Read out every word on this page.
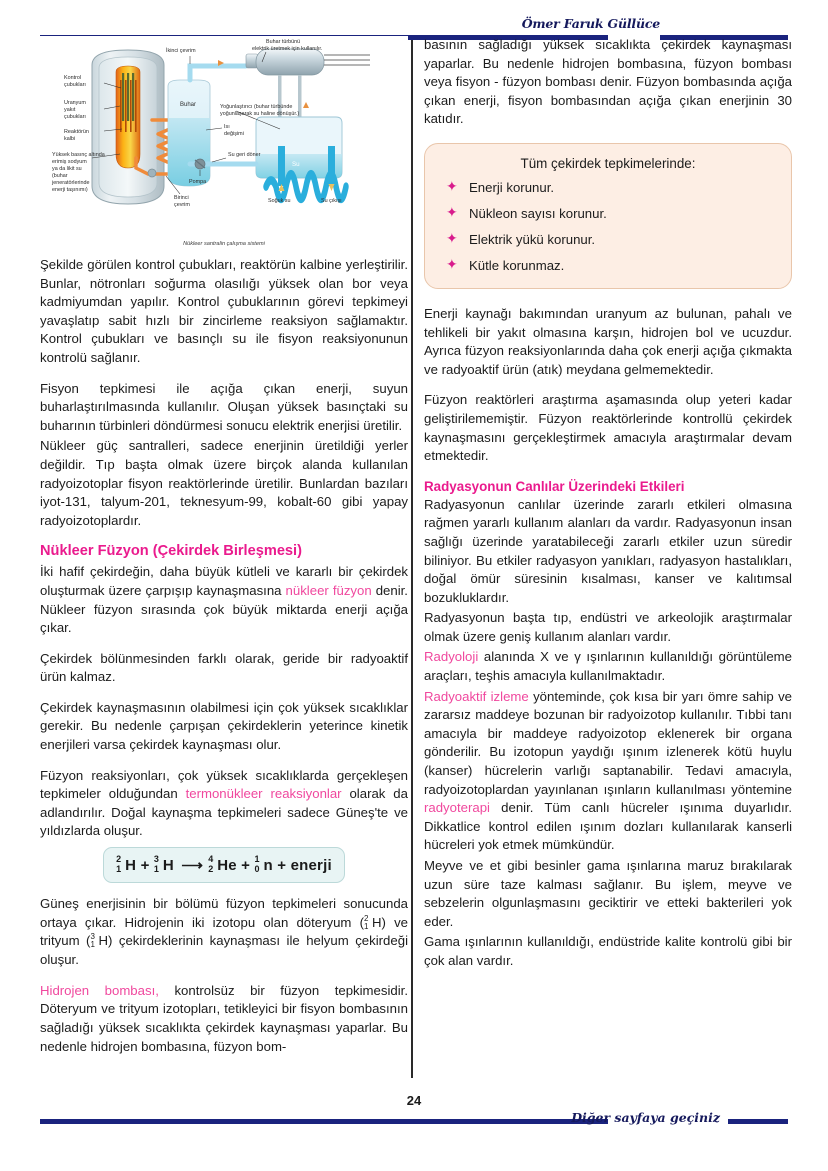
Ömer Faruk Güllüce
Buhar
Su
Kontrol
çubukları
Uranyum
yakıt
çubukları
Reaktörün
kalbi
Yüksek basınç altında
erimiş sodyum
ya da likit su
(buhar
jeneratörlerinde
enerji taşınımı)
İkinci çevrim
Buhar türbünü
elektrik üretmek için kullanılır.
Yoğunlaştırıcı (buhar türbünde
yoğunlaşarak su haline dönüşür.)
Isı
değişimi
Su geri döner
Pompa
Birinci
çevrim
Soğuk su	Su çıkışı
Nükleer santralin çalışma sistemi

Şekilde görülen kontrol çubukları, reaktörün kalbine yerleştirilir. Bunlar, nötronları soğurma olasılığı yüksek olan bor veya kadmiyumdan yapılır. Kontrol çubuklarının görevi tepkimeyi yavaşlatıp sabit hızlı bir zincirleme reaksiyon sağlamaktır. Kontrol çubukları ve basınçlı su ile fisyon reaksiyonunun kontrolü sağlanır.

Fisyon tepkimesi ile açığa çıkan enerji, suyun buharlaştırılmasında kullanılır. Oluşan yüksek basınçtaki su buharının türbinleri döndürmesi sonucu elektrik enerjisi üretilir.

Nükleer güç santralleri, sadece enerjinin üretildiği yerler değildir. Tıp başta olmak üzere birçok alanda kullanılan radyoizotoplar fisyon reaktörlerinde üretilir. Bunlardan bazıları iyot-131, talyum-201, teknesyum-99, kobalt-60 gibi yapay radyoizotoplardır.

Nükleer Füzyon (Çekirdek Birleşmesi)

İki hafif çekirdeğin, daha büyük kütleli ve kararlı bir çekirdek oluşturmak üzere çarpışıp kaynaşmasına nükleer füzyon denir. Nükleer füzyon sırasında çok büyük miktarda enerji açığa çıkar.

Çekirdek bölünmesinden farklı olarak, geride bir radyoaktif ürün kalmaz.

Çekirdek kaynaşmasının olabilmesi için çok yüksek sıcaklıklar gerekir. Bu nedenle çarpışan çekirdeklerin yeterince kinetik enerjileri varsa çekirdek kaynaşması olur.

Füzyon reaksiyonları, çok yüksek sıcaklıklarda gerçekleşen tepkimeler olduğundan termonükleer reaksiyonlar olarak da adlandırılır. Doğal kaynaşma tepkimeleri sadece Güneş'te ve yıldızlarda oluşur.

2
1 H + 3
1 H ⟶ 4
2 He + 1
0 n + enerji

Güneş enerjisinin bir bölümü füzyon tepkimeleri sonucunda ortaya çıkar. Hidrojenin iki izotopu olan döteryum ( 2
1 H) ve trityum ( 3
1 H) çekirdeklerinin kaynaşması ile helyum çekirdeği oluşur.

Hidrojen bombası, kontrolsüz bir füzyon tepkimesidir. Döteryum ve trityum izotopları, tetikleyici bir fisyon bombasının sağladığı yüksek sıcaklıkta çekirdek kaynaşması yaparlar. Bu nedenle hidrojen bombasına, füzyon bom-

basının sağladığı yüksek sıcaklıkta çekirdek kaynaşması yaparlar. Bu nedenle hidrojen bombasına, füzyon bombası veya fisyon - füzyon bombası denir. Füzyon bombasında açığa çıkan enerji, fisyon bombasından açığa çıkan enerjinin 30 katıdır.

Tüm çekirdek tepkimelerinde:
✦ Enerji korunur.
✦ Nükleon sayısı korunur.
✦ Elektrik yükü korunur.
✦ Kütle korunmaz.

Enerji kaynağı bakımından uranyum az bulunan, pahalı ve tehlikeli bir yakıt olmasına karşın, hidrojen bol ve ucuzdur. Ayrıca füzyon reaksiyonlarında daha çok enerji açığa çıkmakta ve radyoaktif ürün (atık) meydana gelmemektedir.

Füzyon reaktörleri araştırma aşamasında olup yeteri kadar geliştirilememiştir. Füzyon reaktörlerinde kontrollü çekirdek kaynaşmasını gerçekleştirmek amacıyla araştırmalar devam etmektedir.

Radyasyonun Canlılar Üzerindeki Etkileri

Radyasyonun canlılar üzerinde zararlı etkileri olmasına rağmen yararlı kullanım alanları da vardır. Radyasyonun insan sağlığı üzerinde yaratabileceği zararlı etkiler uzun süredir biliniyor. Bu etkiler radyasyon yanıkları, radyasyon hastalıkları, doğal ömür süresinin kısalması, kanser ve kalıtımsal bozukluklardır.

Radyasyonun başta tıp, endüstri ve arkeolojik araştırmalar olmak üzere geniş kullanım alanları vardır.

Radyoloji alanında X ve γ ışınlarının kullanıldığı görüntüleme araçları, teşhis amacıyla kullanılmaktadır.

Radyoaktif izleme yönteminde, çok kısa bir yarı ömre sahip ve zararsız maddeye bozunan bir radyoizotop kullanılır. Tıbbi tanı amacıyla bir maddeye radyoizotop eklenerek bir organa gönderilir. Bu izotopun yaydığı ışınım izlenerek kötü huylu (kanser) hücrelerin varlığı saptanabilir. Tedavi amacıyla, radyoizotoplardan yayınlanan ışınların kullanılması yöntemine radyoterapi denir. Tüm canlı hücreler ışınıma duyarlıdır. Dikkatlice kontrol edilen ışınım dozları kullanılarak kanserli hücreleri yok etmek mümkündür.

Meyve ve et gibi besinler gama ışınlarına maruz bırakılarak uzun süre taze kalması sağlanır. Bu işlem, meyve ve sebzelerin olgunlaşmasını geciktirir ve etteki bakterileri yok eder.

Gama ışınlarının kullanıldığı, endüstride kalite kontrolü gibi bir çok alan vardır.

24
Diğer sayfaya geçiniz
